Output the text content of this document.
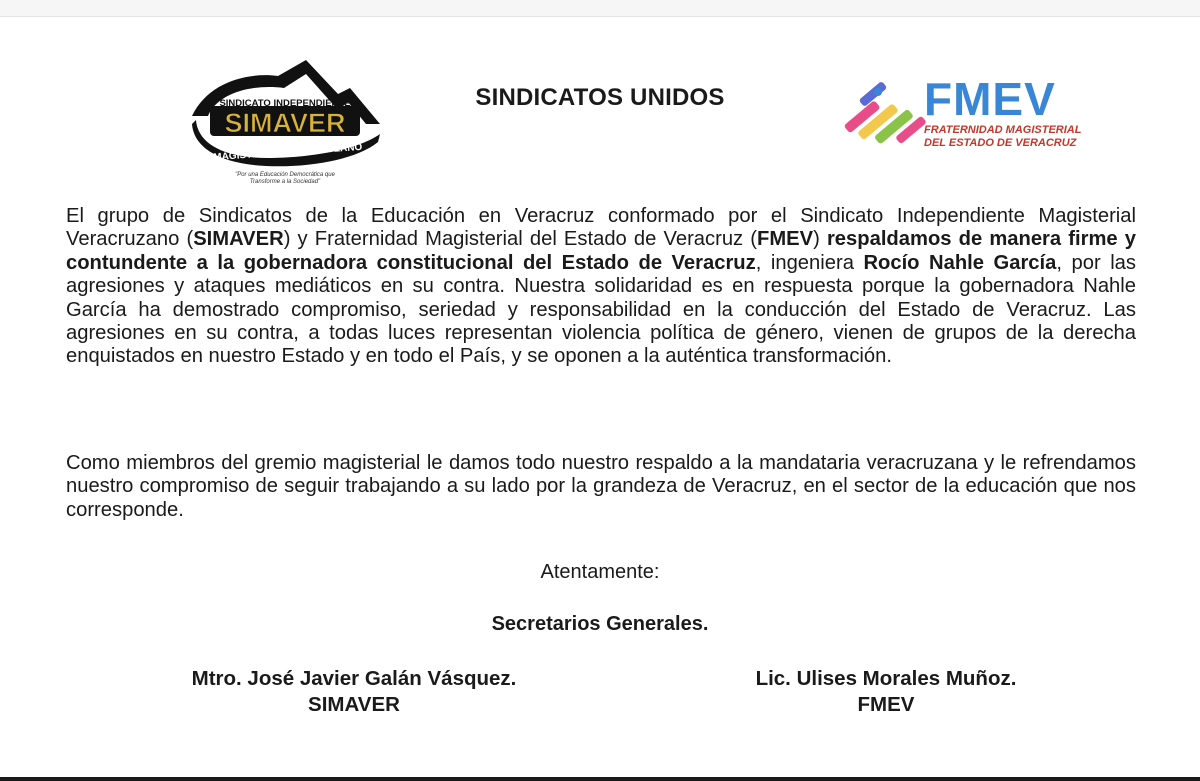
SINDICATO INDEPENDIENTE
SIMAVER
MAGISTERIAL VERACRUZANO
"Por una Educación Democrática que
Transforme a la Sociedad"
SINDICATOS UNIDOS	FMEV
FRATERNIDAD MAGISTERIAL
DEL ESTADO DE VERACRUZ
El grupo de Sindicatos de la Educación en Veracruz conformado por el Sindicato Independiente Magisterial Veracruzano (SIMAVER) y Fraternidad Magisterial del Estado de Veracruz (FMEV) respaldamos de manera firme y contundente a la gobernadora constitucional del Estado de Veracruz, ingeniera Rocío Nahle García, por las agresiones y ataques mediáticos en su contra. Nuestra solidaridad es en respuesta porque la gobernadora Nahle García ha demostrado compromiso, seriedad y responsabilidad en la conducción del Estado de Veracruz. Las agresiones en su contra, a todas luces representan violencia política de género, vienen de grupos de la derecha enquistados en nuestro Estado y en todo el País, y se oponen a la auténtica transformación.
Como miembros del gremio magisterial le damos todo nuestro respaldo a la mandataria veracruzana y le refrendamos nuestro compromiso de seguir trabajando a su lado por la grandeza de Veracruz, en el sector de la educación que nos corresponde.
Atentamente:
Secretarios Generales.
Mtro. José Javier Galán Vásquez.
SIMAVER
Lic. Ulises Morales Muñoz.
FMEV
